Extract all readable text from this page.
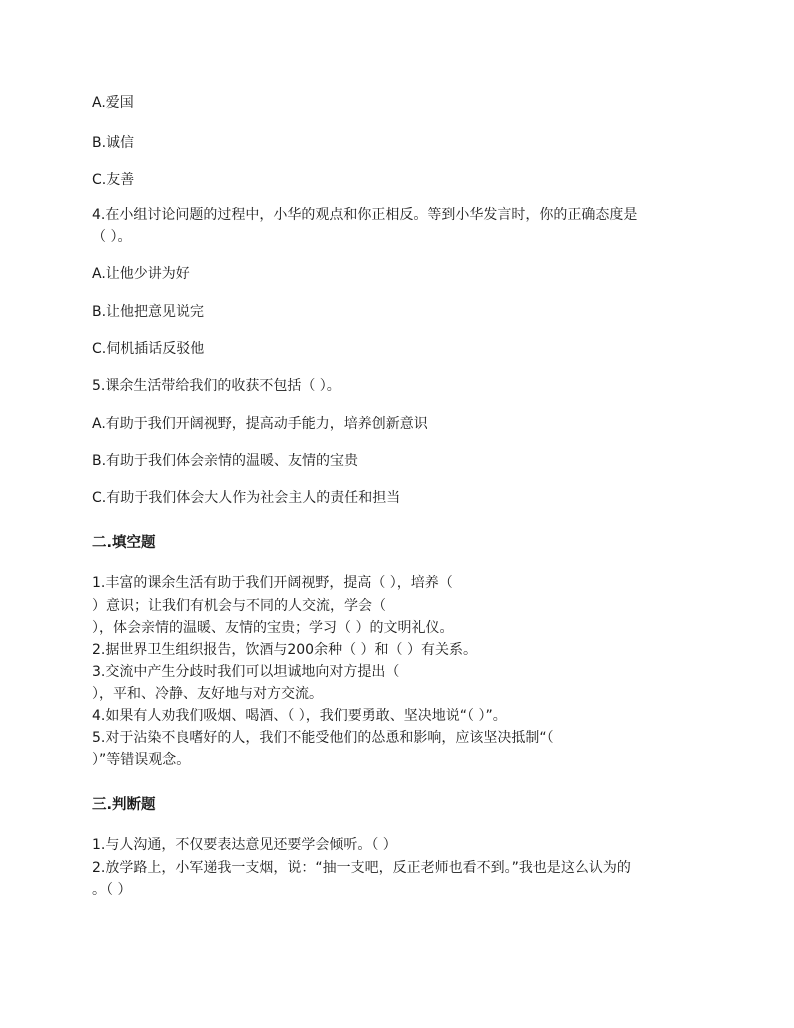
A.爱国
B.诚信
C.友善
4.在小组讨论问题的过程中，小华的观点和你正相反。等到小华发言时，你的正确态度是
（ ）。
A.让他少讲为好
B.让他把意见说完
C.伺机插话反驳他
5.课余生活带给我们的收获不包括（ ）。
A.有助于我们开阔视野，提高动手能力，培养创新意识
B.有助于我们体会亲情的温暖、友情的宝贵
C.有助于我们体会大人作为社会主人的责任和担当
二.填空题
1.丰富的课余生活有助于我们开阔视野，提高（ ），培养（
）意识；让我们有机会与不同的人交流，学会（
），体会亲情的温暖、友情的宝贵；学习（ ）的文明礼仪。
2.据世界卫生组织报告，饮酒与200余种（ ）和（ ）有关系。
3.交流中产生分歧时我们可以坦诚地向对方提出（
），平和、冷静、友好地与对方交流。
4.如果有人劝我们吸烟、喝酒、（ ），我们要勇敢、坚决地说“（ ）”。
5.对于沾染不良嗜好的人，我们不能受他们的怂恿和影响，应该坚决抵制“（
）”等错误观念。
三.判断题
1.与人沟通，不仅要表达意见还要学会倾听。（ ）
2.放学路上，小军递我一支烟，说：“抽一支吧，反正老师也看不到。”我也是这么认为的
。（ ）
